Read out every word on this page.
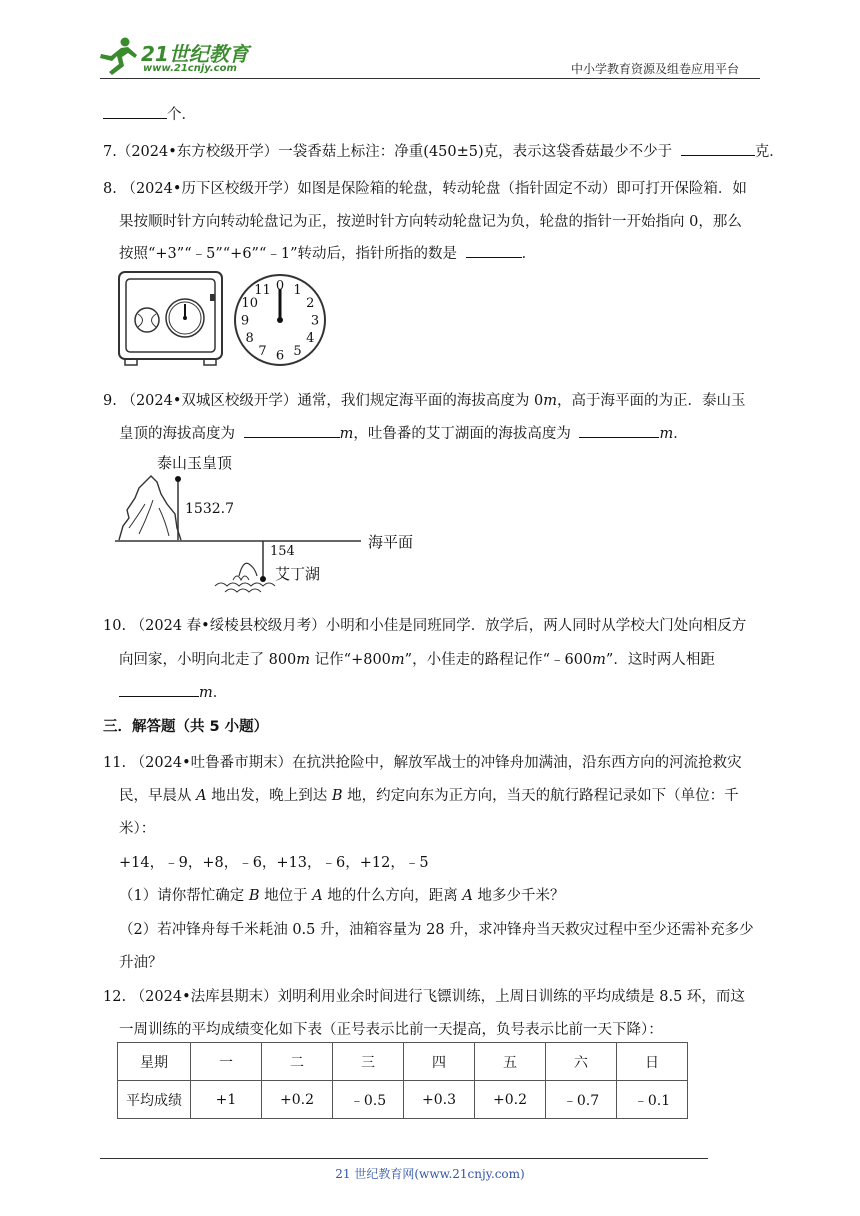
21世纪教育
www.21cnjy.com	中小学教育资源及组卷应用平台
个．
7.（2024•东方校级开学）一袋香菇上标注：净重(450±5)克，表示这袋香菇最少不少于	克．
8. （2024•历下区校级开学）如图是保险箱的轮盘，转动轮盘（指针固定不动）即可打开保险箱．如
果按顺时针方向转动轮盘记为正，按逆时针方向转动轮盘记为负，轮盘的指针一开始指向 0，那么
按照“+3”“﹣5”“+6”“﹣1”转动后，指针所指的数是	．
0 1
2
3
4
5
6
7
8
9
10
11
9. （2024•双城区校级开学）通常，我们规定海平面的海拔高度为 0m，高于海平面的为正．泰山玉
皇顶的海拔高度为	m，吐鲁番的艾丁湖面的海拔高度为	m．
泰山玉皇顶
1532.7
海平面
154
艾丁湖
10. （2024 春•绥棱县校级月考）小明和小佳是同班同学．放学后，两人同时从学校大门处向相反方
向回家，小明向北走了 800m 记作“+800m”，小佳走的路程记作“﹣600m”．这时两人相距
m．
三．解答题（共 5 小题）
11. （2024•吐鲁番市期末）在抗洪抢险中，解放军战士的冲锋舟加满油，沿东西方向的河流抢救灾
民，早晨从 A 地出发，晚上到达 B 地，约定向东为正方向，当天的航行路程记录如下（单位：千
米）：
+14，﹣9，+8，﹣6，+13，﹣6，+12，﹣5
（1）请你帮忙确定 B 地位于 A 地的什么方向，距离 A 地多少千米？
（2）若冲锋舟每千米耗油 0.5 升，油箱容量为 28 升，求冲锋舟当天救灾过程中至少还需补充多少
升油？
12. （2024•法库县期末）刘明利用业余时间进行飞镖训练，上周日训练的平均成绩是 8.5 环，而这
一周训练的平均成绩变化如下表（正号表示比前一天提高，负号表示比前一天下降）：
星期	一	二	三	四	五	六	日
平均成绩	+1	+0.2	﹣0.5	+0.3	+0.2	﹣0.7	﹣0.1
21 世纪教育网(www.21cnjy.com)
